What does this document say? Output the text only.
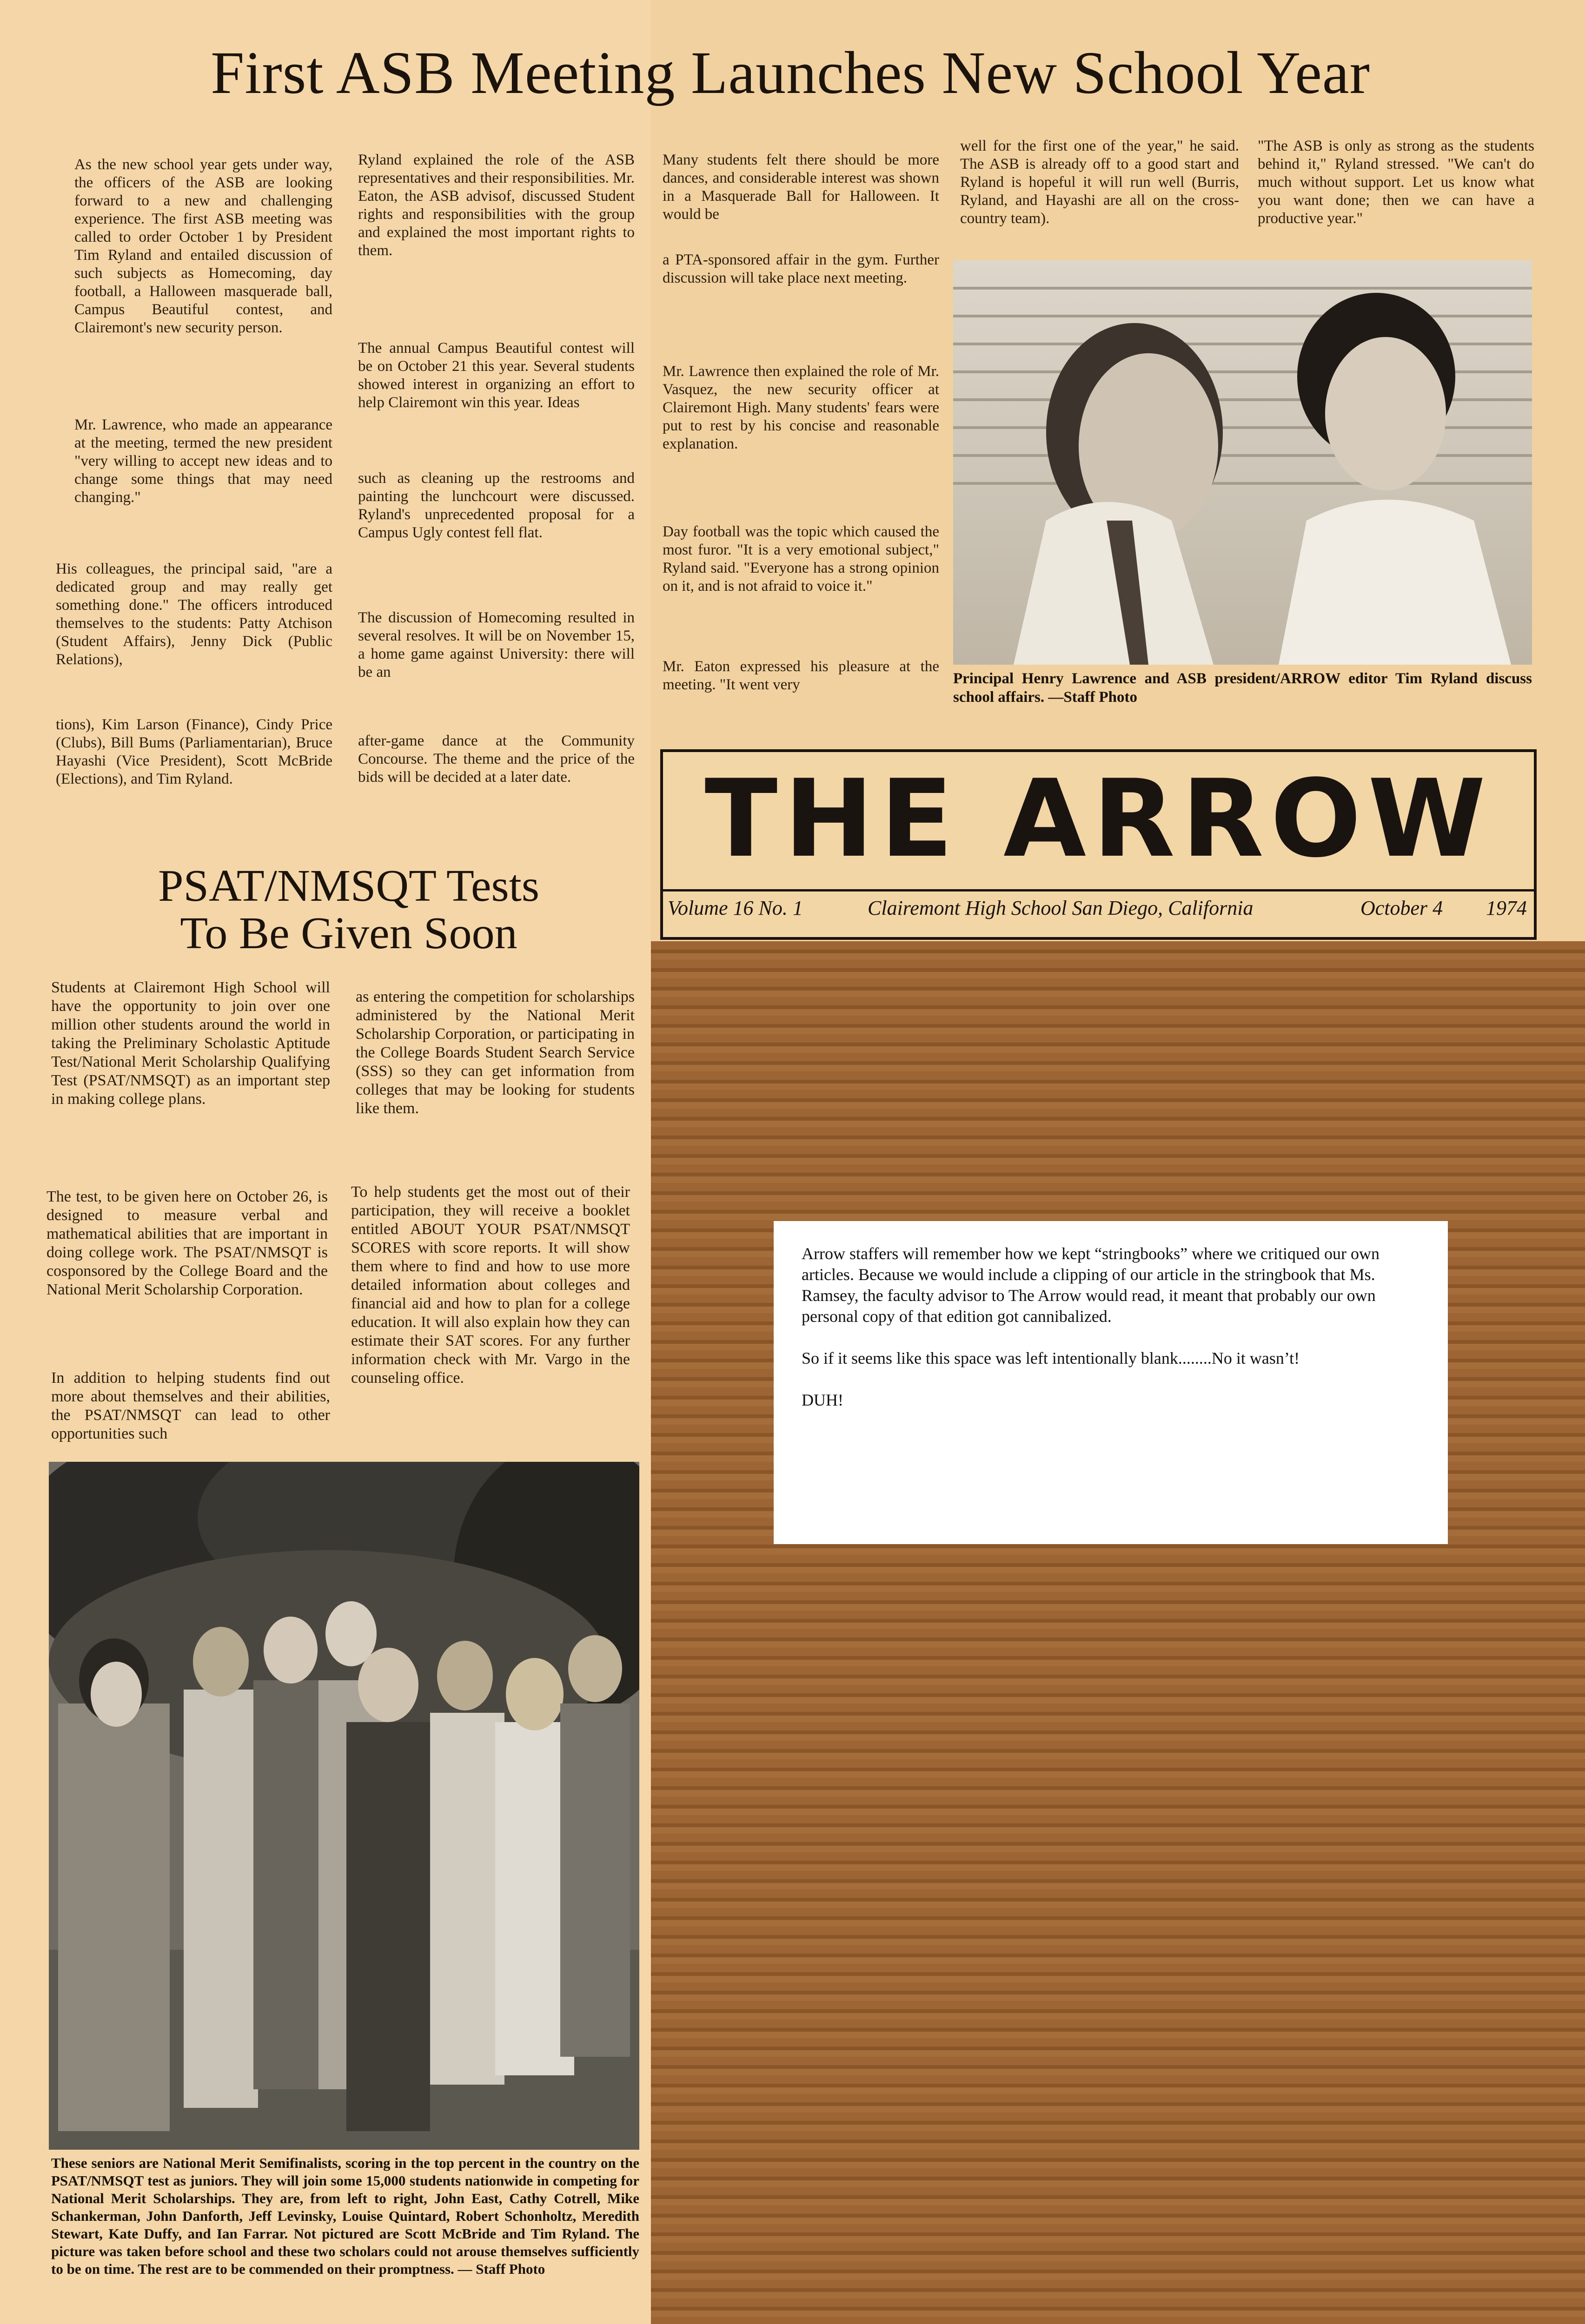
First ASB Meeting Launches New School Year

As the new school year gets under way, the officers of the ASB are looking forward to a new and challenging experience. The first ASB meeting was called to order October 1 by President Tim Ryland and entailed discussion of such subjects as Homecoming, day football, a Halloween masquerade ball, Campus Beautiful contest, and Clairemont's new security person.

Mr. Lawrence, who made an appearance at the meeting, termed the new president "very willing to accept new ideas and to change some things that may need changing."

His colleagues, the principal said, "are a dedicated group and may really get something done." The officers introduced themselves to the students: Patty Atchison (Student Affairs), Jenny Dick (Public Relations),

tions), Kim Larson (Finance), Cindy Price (Clubs), Bill Bums (Parliamentarian), Bruce Hayashi (Vice President), Scott McBride (Elections), and Tim Ryland.

Ryland explained the role of the ASB representatives and their responsibilities. Mr. Eaton, the ASB advisof, discussed Student rights and responsibilities with the group and explained the most important rights to them.

The annual Campus Beautiful contest will be on October 21 this year. Several students showed interest in organizing an effort to help Clairemont win this year. Ideas

such as cleaning up the restrooms and painting the lunchcourt were discussed. Ryland's unprecedented proposal for a Campus Ugly contest fell flat.

The discussion of Homecoming resulted in several resolves. It will be on November 15, a home game against University: there will be an

after-game dance at the Community Concourse. The theme and the price of the bids will be decided at a later date.

Many students felt there should be more dances, and considerable interest was shown in a Masquerade Ball for Halloween. It would be

a PTA-sponsored affair in the gym. Further discussion will take place next meeting.

Mr. Lawrence then explained the role of Mr. Vasquez, the new security officer at Clairemont High. Many students' fears were put to rest by his concise and reasonable explanation.

Day football was the topic which caused the most furor. "It is a very emotional subject," Ryland said. "Everyone has a strong opinion on it, and is not afraid to voice it."

Mr. Eaton expressed his pleasure at the meeting. "It went very

well for the first one of the year," he said. The ASB is already off to a good start and Ryland is hopeful it will run well (Burris, Ryland, and Hayashi are all on the cross-country team).

"The ASB is only as strong as the students behind it," Ryland stressed. "We can't do much without support. Let us know what you want done; then we can have a productive year."

Principal Henry Lawrence and ASB president/ARROW editor Tim Ryland discuss school affairs. —Staff Photo

THE ARROW
Volume 16 No. 1	Clairemont High School San Diego, California	October 4 1974
PSAT/NMSQT Tests
To Be Given Soon

Students at Clairemont High School will have the opportunity to join over one million other students around the world in taking the Preliminary Scholastic Aptitude Test/National Merit Scholarship Qualifying Test (PSAT/NMSQT) as an important step in making college plans.

The test, to be given here on October 26, is designed to measure verbal and mathematical abilities that are important in doing college work. The PSAT/NMSQT is cosponsored by the College Board and the National Merit Scholarship Corporation.

In addition to helping students find out more about themselves and their abilities, the PSAT/NMSQT can lead to other opportunities such

as entering the competition for scholarships administered by the National Merit Scholarship Corporation, or participating in the College Boards Student Search Service (SSS) so they can get information from colleges that may be looking for students like them.

To help students get the most out of their participation, they will receive a booklet entitled ABOUT YOUR PSAT/NMSQT SCORES with score reports. It will show them where to find and how to use more detailed information about colleges and financial aid and how to plan for a college education. It will also explain how they can estimate their SAT scores. For any further information check with Mr. Vargo in the counseling office.

These seniors are National Merit Semifinalists, scoring in the top percent in the country on the PSAT/NMSQT test as juniors. They will join some 15,000 students nationwide in competing for National Merit Scholarships. They are, from left to right, John East, Cathy Cotrell, Mike Schankerman, John Danforth, Jeff Levinsky, Louise Quintard, Robert Schonholtz, Meredith Stewart, Kate Duffy, and Ian Farrar. Not pictured are Scott McBride and Tim Ryland. The picture was taken before school and these two scholars could not arouse themselves sufficiently to be on time. The rest are to be commended on their promptness. — Staff Photo

Arrow staffers will remember how we kept “stringbooks” where we critiqued our own articles. Because we would include a clipping of our article in the stringbook that Ms. Ramsey, the faculty advisor to The Arrow would read, it meant that probably our own personal copy of that edition got cannibalized.

So if it seems like this space was left intentionally blank........No it wasn’t!

DUH!
